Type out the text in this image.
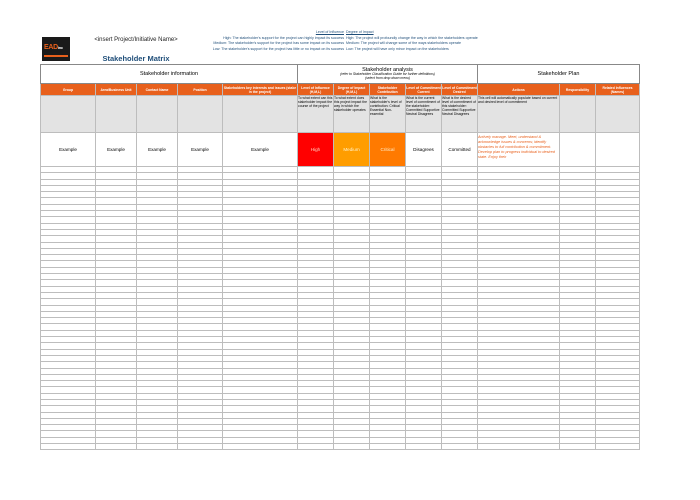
EADinc
<insert Project/Initiative Name>
Stakeholder Matrix
Level of Influence
High: The stakeholder's support for the project can highly impact its success
Medium: The stakeholder's support for the project has some impact on its success
Low: The stakeholder's support for the project has little or no impact on its success
Degree of Impact
High: The project will profoundly change the way in which the stakeholders operate
Medium: The project will change some of the ways stakeholders operate
Low: The project will have only minor impact on the stakeholders
Stakeholder information					Stakeholder analysis
(refer to Stakeholder Classification Guide for further definitions)
(select from drop down menu)					Stakeholder Plan		
Group	Area/Business Unit	Contact Name	Position	Stakeholders key interests and issues (stake in the project)	Level of Influence (H,M,L)	Degree of Impact (H,M,L)	Stakeholder Contribution	Level of Commitment Current	Level of Commitment Desired	Actions	Responsibility	Related Influences (Names)
					To what extent can this stakeholder impact the course of the project	To what extent does this project impact the way in which the stakeholder operates	What is the stakeholder's level of contribution: Critical Essential Non-essential	What is the current level of commitment of the stakeholder: Committed Supportive Neutral Disagrees	What is the desired level of commitment of this stakeholder: Committed Supportive Neutral Disagrees	This cell will automatically populate based on current and desired level of commitment		
Example	Example	Example	Example	Example	High	Medium	Critical	Disagrees	Committed	Actively manage. Meet, understand & acknowledge issues & concerns; identify obstacles to full contribution & commitment. Develop plan to progress individual to desired state. Enjoy their		
